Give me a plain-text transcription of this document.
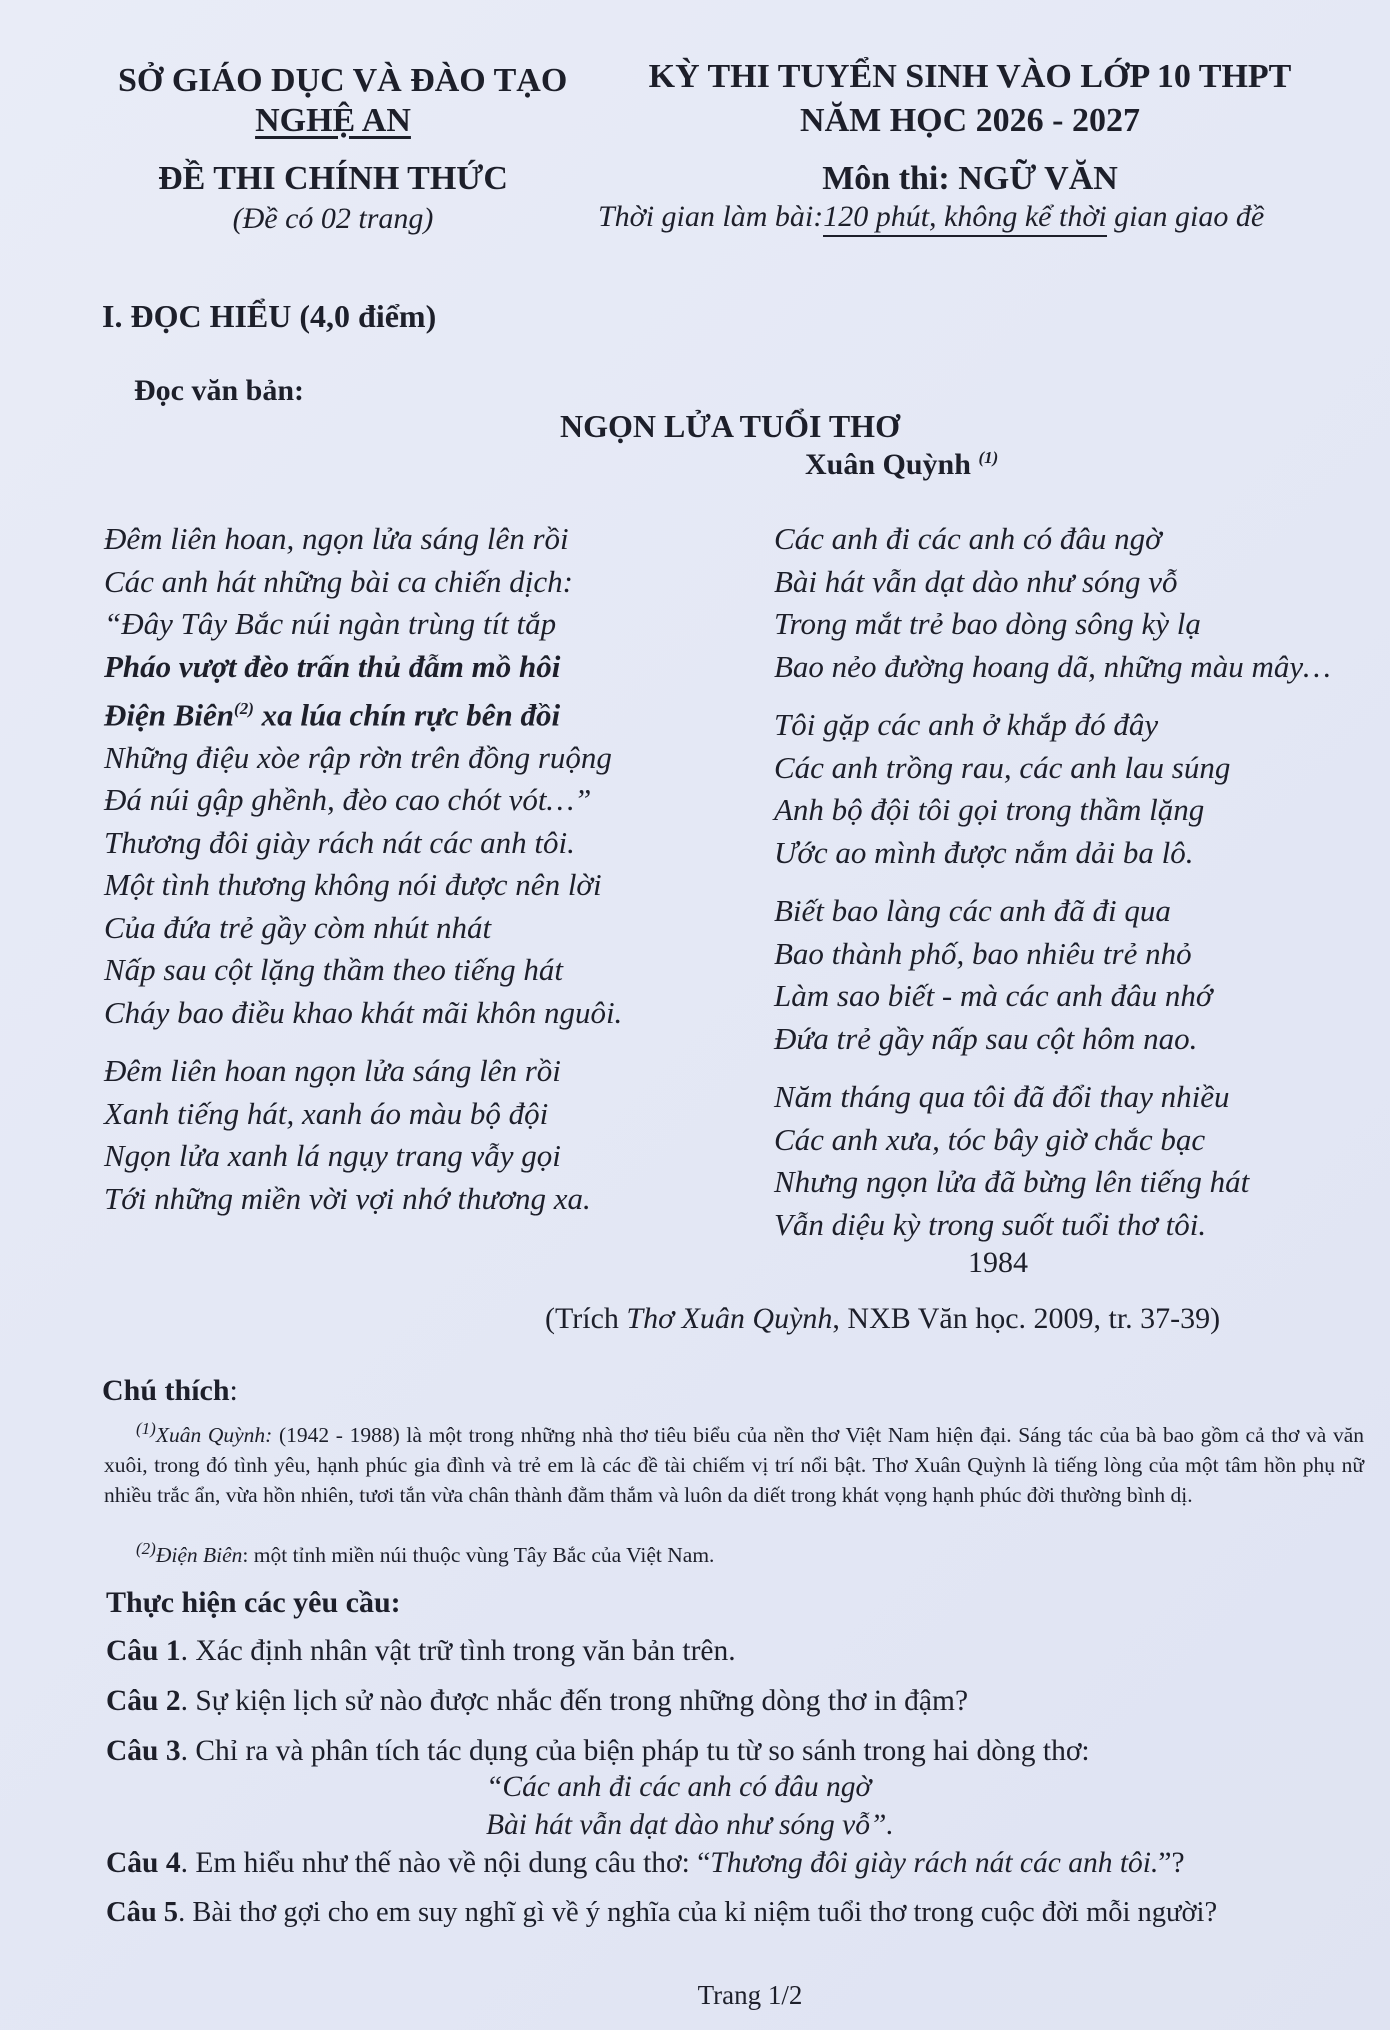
SỞ GIÁO DỤC VÀ ĐÀO TẠO
NGHỆ AN
ĐỀ THI CHÍNH THỨC
(Đề có 02 trang)
KỲ THI TUYỂN SINH VÀO LỚP 10 THPT
NĂM HỌC 2026 - 2027
Môn thi: NGỮ VĂN
Thời gian làm bài:120 phút, không kể thời gian giao đề
I. ĐỌC HIỂU (4,0 điểm)
Đọc văn bản:
NGỌN LỬA TUỔI THƠ
Xuân Quỳnh $^{(1)}$
Đêm liên hoan, ngọn lửa sáng lên rồi
Các anh hát những bài ca chiến dịch:
“Đây Tây Bắc núi ngàn trùng tít tắp
Pháo vượt đèo trấn thủ đẫm mồ hôi
Điện Biên$^{(2)}$ xa lúa chín rực bên đồi
Những điệu xòe rập rờn trên đồng ruộng
Đá núi gập ghềnh, đèo cao chót vót…”
Thương đôi giày rách nát các anh tôi.
Một tình thương không nói được nên lời
Của đứa trẻ gầy còm nhút nhát
Nấp sau cột lặng thầm theo tiếng hát
Cháy bao điều khao khát mãi khôn nguôi.
Đêm liên hoan ngọn lửa sáng lên rồi
Xanh tiếng hát, xanh áo màu bộ đội
Ngọn lửa xanh lá ngụy trang vẫy gọi
Tới những miền vời vợi nhớ thương xa.
Các anh đi các anh có đâu ngờ
Bài hát vẫn dạt dào như sóng vỗ
Trong mắt trẻ bao dòng sông kỳ lạ
Bao nẻo đường hoang dã, những màu mây…
Tôi gặp các anh ở khắp đó đây
Các anh trồng rau, các anh lau súng
Anh bộ đội tôi gọi trong thầm lặng
Ước ao mình được nắm dải ba lô.
Biết bao làng các anh đã đi qua
Bao thành phố, bao nhiêu trẻ nhỏ
Làm sao biết - mà các anh đâu nhớ
Đứa trẻ gầy nấp sau cột hôm nao.
Năm tháng qua tôi đã đổi thay nhiều
Các anh xưa, tóc bây giờ chắc bạc
Nhưng ngọn lửa đã bừng lên tiếng hát
Vẫn diệu kỳ trong suốt tuổi thơ tôi.
1984
(Trích Thơ Xuân Quỳnh, NXB Văn học. 2009, tr. 37-39)
Chú thích:
$^{(1)}$Xuân Quỳnh: (1942 - 1988) là một trong những nhà thơ tiêu biểu của nền thơ Việt Nam hiện đại. Sáng tác của bà bao gồm cả thơ và văn xuôi, trong đó tình yêu, hạnh phúc gia đình và trẻ em là các đề tài chiếm vị trí nổi bật. Thơ Xuân Quỳnh là tiếng lòng của một tâm hồn phụ nữ nhiều trắc ẩn, vừa hồn nhiên, tươi tắn vừa chân thành đằm thắm và luôn da diết trong khát vọng hạnh phúc đời thường bình dị.
$^{(2)}$Điện Biên: một tỉnh miền núi thuộc vùng Tây Bắc của Việt Nam.
Thực hiện các yêu cầu:
Câu 1. Xác định nhân vật trữ tình trong văn bản trên.
Câu 2. Sự kiện lịch sử nào được nhắc đến trong những dòng thơ in đậm?
Câu 3. Chỉ ra và phân tích tác dụng của biện pháp tu từ so sánh trong hai dòng thơ:
“Các anh đi các anh có đâu ngờ
Bài hát vẫn dạt dào như sóng vỗ”.
Câu 4. Em hiểu như thế nào về nội dung câu thơ: “Thương đôi giày rách nát các anh tôi.”?
Câu 5. Bài thơ gợi cho em suy nghĩ gì về ý nghĩa của kỉ niệm tuổi thơ trong cuộc đời mỗi người?
Trang 1/2
